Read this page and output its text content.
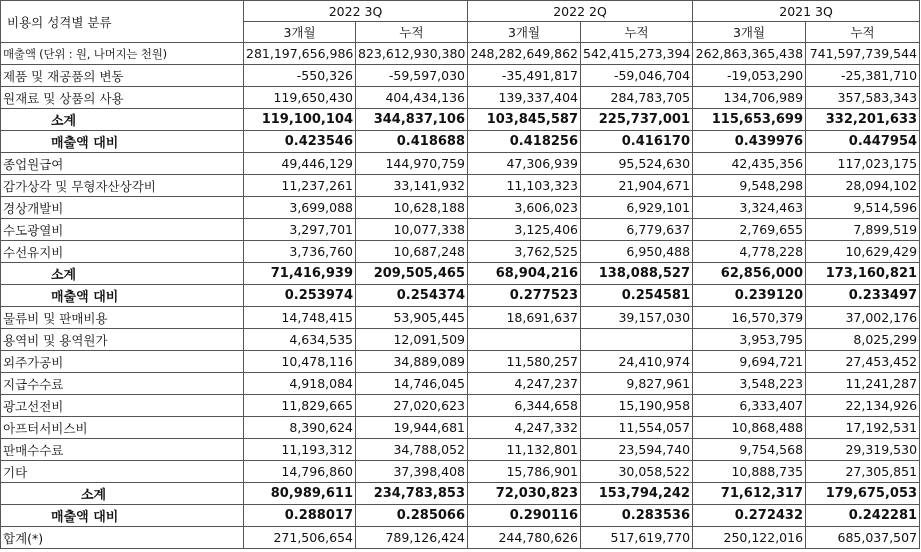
비용의 성격별 분류	2022 3Q		2022 2Q		2021 3Q	
	3개월	누적	3개월	누적	3개월	누적
매출액 (단위 : 원, 나머지는 천원)	281,197,656,986	823,612,930,380	248,282,649,862	542,415,273,394	262,863,365,438	741,597,739,544
제품 및 재공품의 변동	-550,326	-59,597,030	-35,491,817	-59,046,704	-19,053,290	-25,381,710
원재료 및 상품의 사용	119,650,430	404,434,136	139,337,404	284,783,705	134,706,989	357,583,343
소계	119,100,104	344,837,106	103,845,587	225,737,001	115,653,699	332,201,633
매출액 대비	0.423546	0.418688	0.418256	0.416170	0.439976	0.447954
종업원급여	49,446,129	144,970,759	47,306,939	95,524,630	42,435,356	117,023,175
감가상각 및 무형자산상각비	11,237,261	33,141,932	11,103,323	21,904,671	9,548,298	28,094,102
경상개발비	3,699,088	10,628,188	3,606,023	6,929,101	3,324,463	9,514,596
수도광열비	3,297,701	10,077,338	3,125,406	6,779,637	2,769,655	7,899,519
수선유지비	3,736,760	10,687,248	3,762,525	6,950,488	4,778,228	10,629,429
소계	71,416,939	209,505,465	68,904,216	138,088,527	62,856,000	173,160,821
매출액 대비	0.253974	0.254374	0.277523	0.254581	0.239120	0.233497
물류비 및 판매비용	14,748,415	53,905,445	18,691,637	39,157,030	16,570,379	37,002,176
용역비 및 용역원가	4,634,535	12,091,509			3,953,795	8,025,299
외주가공비	10,478,116	34,889,089	11,580,257	24,410,974	9,694,721	27,453,452
지급수수료	4,918,084	14,746,045	4,247,237	9,827,961	3,548,223	11,241,287
광고선전비	11,829,665	27,020,623	6,344,658	15,190,958	6,333,407	22,134,926
아프터서비스비	8,390,624	19,944,681	4,247,332	11,554,057	10,868,488	17,192,531
판매수수료	11,193,312	34,788,052	11,132,801	23,594,740	9,754,568	29,319,530
기타	14,796,860	37,398,408	15,786,901	30,058,522	10,888,735	27,305,851
소계	80,989,611	234,783,853	72,030,823	153,794,242	71,612,317	179,675,053
매출액 대비	0.288017	0.285066	0.290116	0.283536	0.272432	0.242281
합계(*)	271,506,654	789,126,424	244,780,626	517,619,770	250,122,016	685,037,507
